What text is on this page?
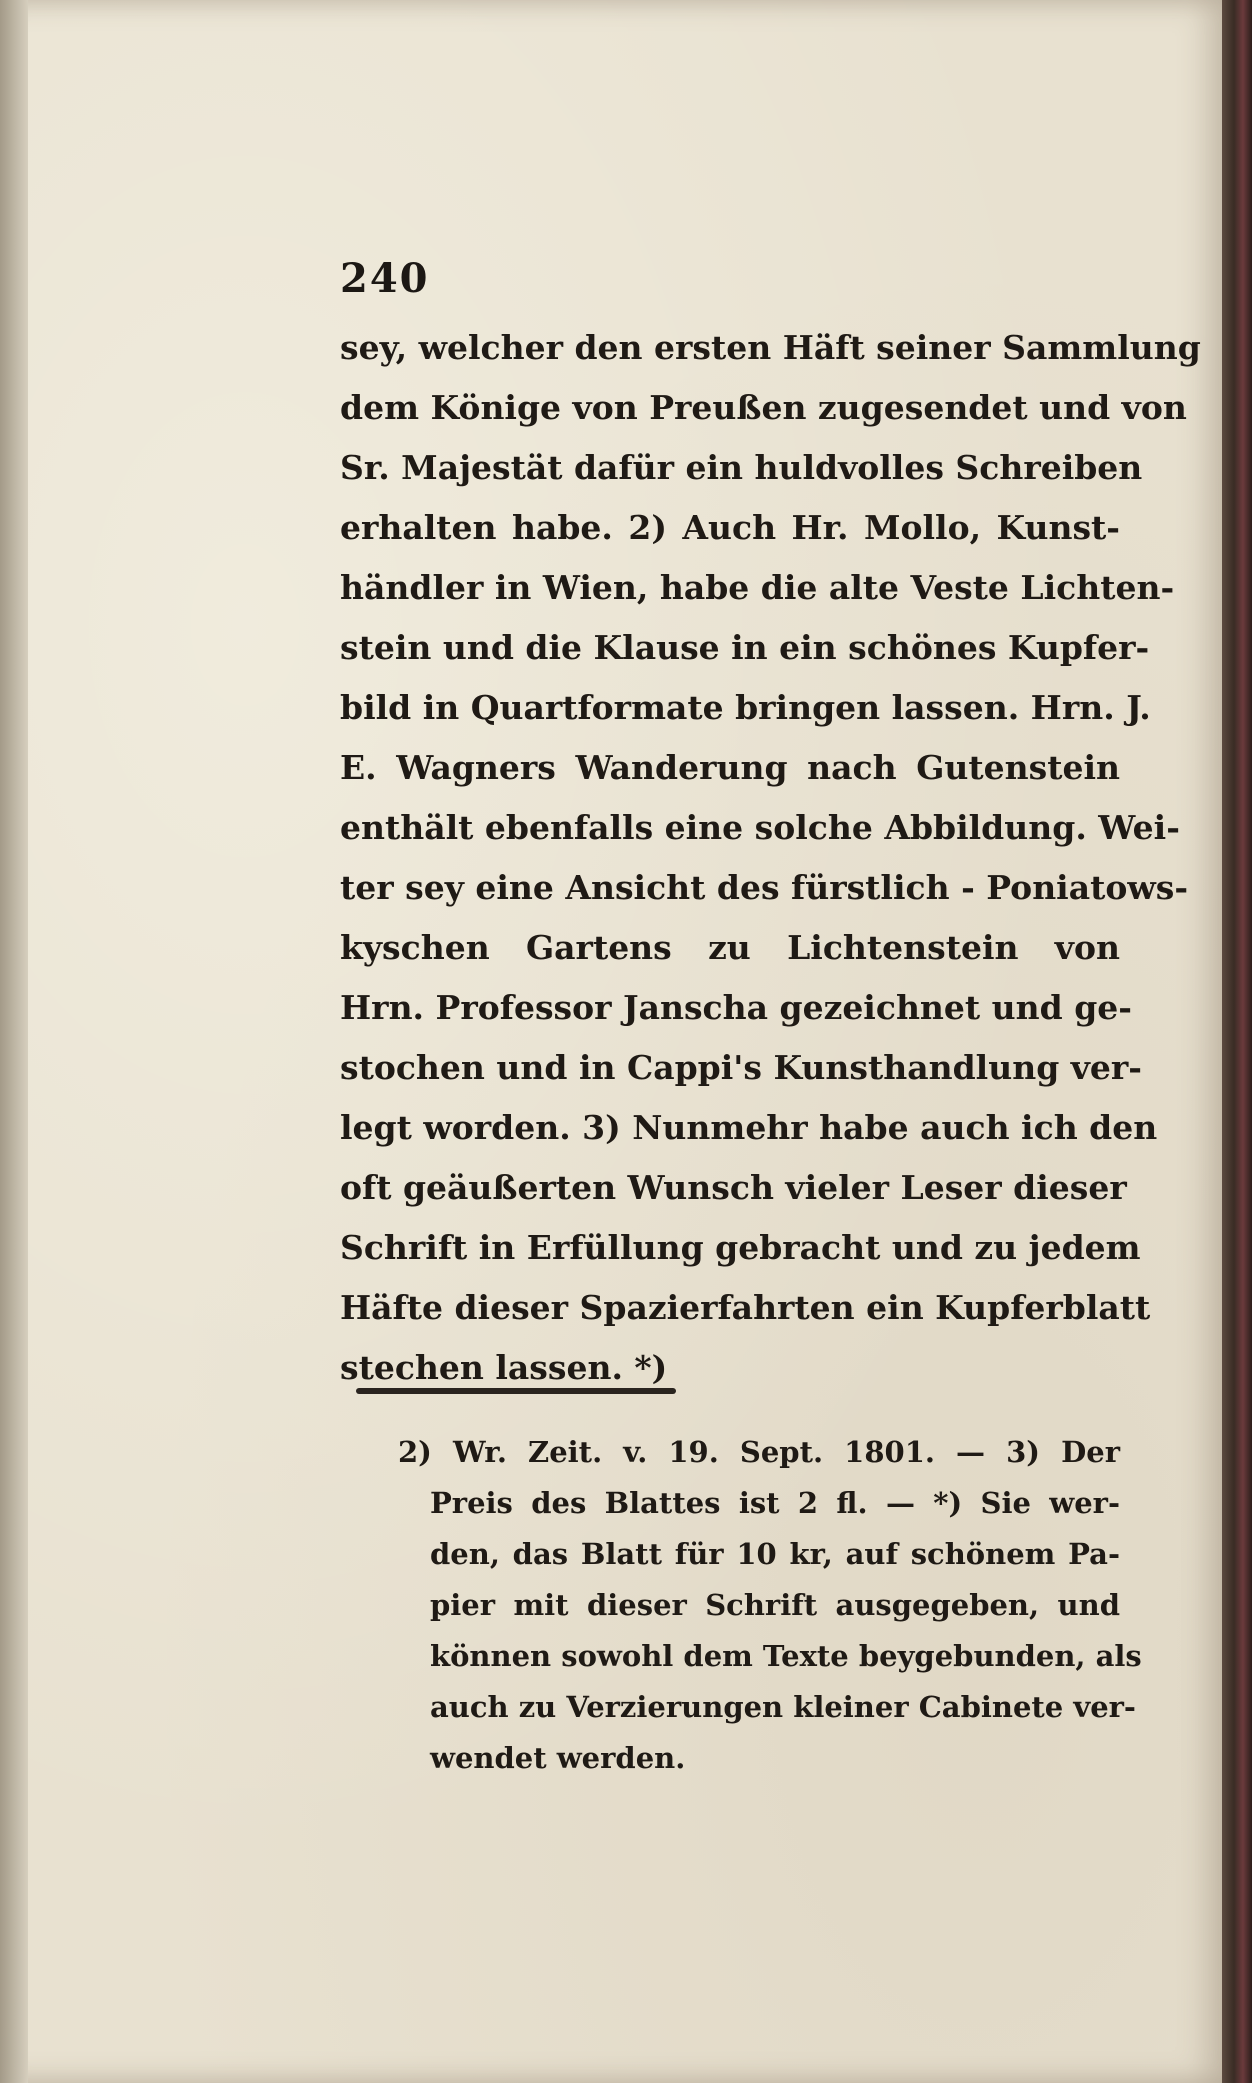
240
sey, welcher den ersten Häft seiner Sammlung
dem Könige von Preußen zugesendet und von
Sr. Majestät dafür ein huldvolles Schreiben
erhalten habe. 2) Auch Hr. Mollo, Kunst-
händler in Wien, habe die alte Veste Lichten-
stein und die Klause in ein schönes Kupfer-
bild in Quartformate bringen lassen. Hrn. J.
E. Wagners Wanderung nach Gutenstein
enthält ebenfalls eine solche Abbildung. Wei-
ter sey eine Ansicht des fürstlich - Poniatows-
kyschen Gartens zu Lichtenstein von
Hrn. Professor Janscha gezeichnet und ge-
stochen und in Cappi's Kunsthandlung ver-
legt worden. 3) Nunmehr habe auch ich den
oft geäußerten Wunsch vieler Leser dieser
Schrift in Erfüllung gebracht und zu jedem
Häfte dieser Spazierfahrten ein Kupferblatt
stechen lassen. *)
2) Wr. Zeit. v. 19. Sept. 1801. — 3) Der
Preis des Blattes ist 2 fl. — *) Sie wer-
den, das Blatt für 10 kr, auf schönem Pa-
pier mit dieser Schrift ausgegeben, und
können sowohl dem Texte beygebunden, als
auch zu Verzierungen kleiner Cabinete ver-
wendet werden.
